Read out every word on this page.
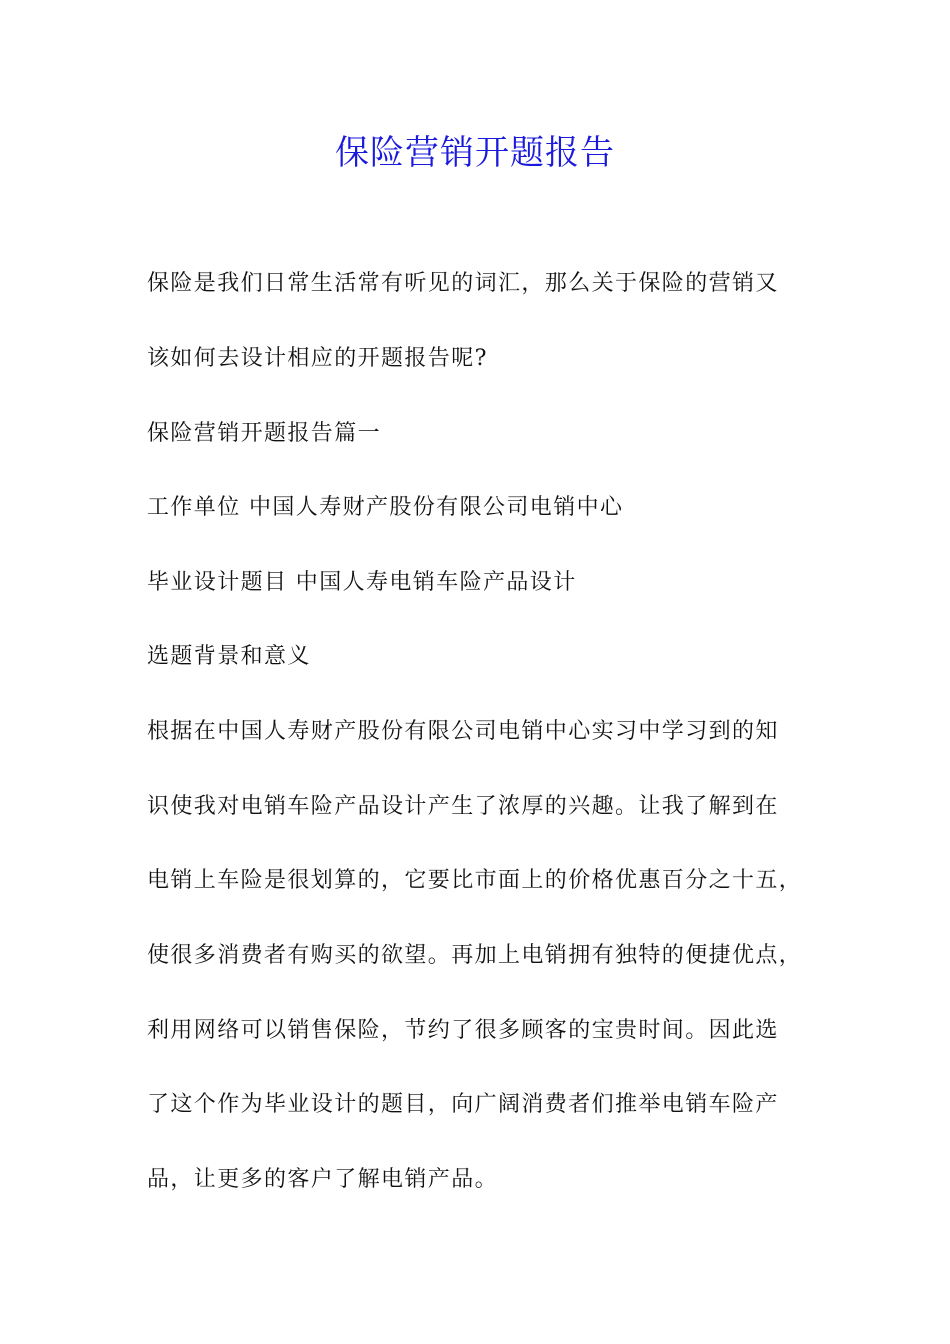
保险营销开题报告
保险是我们日常生活常有听见的词汇，那么关于保险的营销又
该如何去设计相应的开题报告呢?
保险营销开题报告篇一
工作单位 中国人寿财产股份有限公司电销中心
毕业设计题目 中国人寿电销车险产品设计
选题背景和意义
根据在中国人寿财产股份有限公司电销中心实习中学习到的知
识使我对电销车险产品设计产生了浓厚的兴趣。让我了解到在
电销上车险是很划算的，它要比市面上的价格优惠百分之十五，
使很多消费者有购买的欲望。再加上电销拥有独特的便捷优点，
利用网络可以销售保险，节约了很多顾客的宝贵时间。因此选
了这个作为毕业设计的题目，向广阔消费者们推举电销车险产
品，让更多的客户了解电销产品。
